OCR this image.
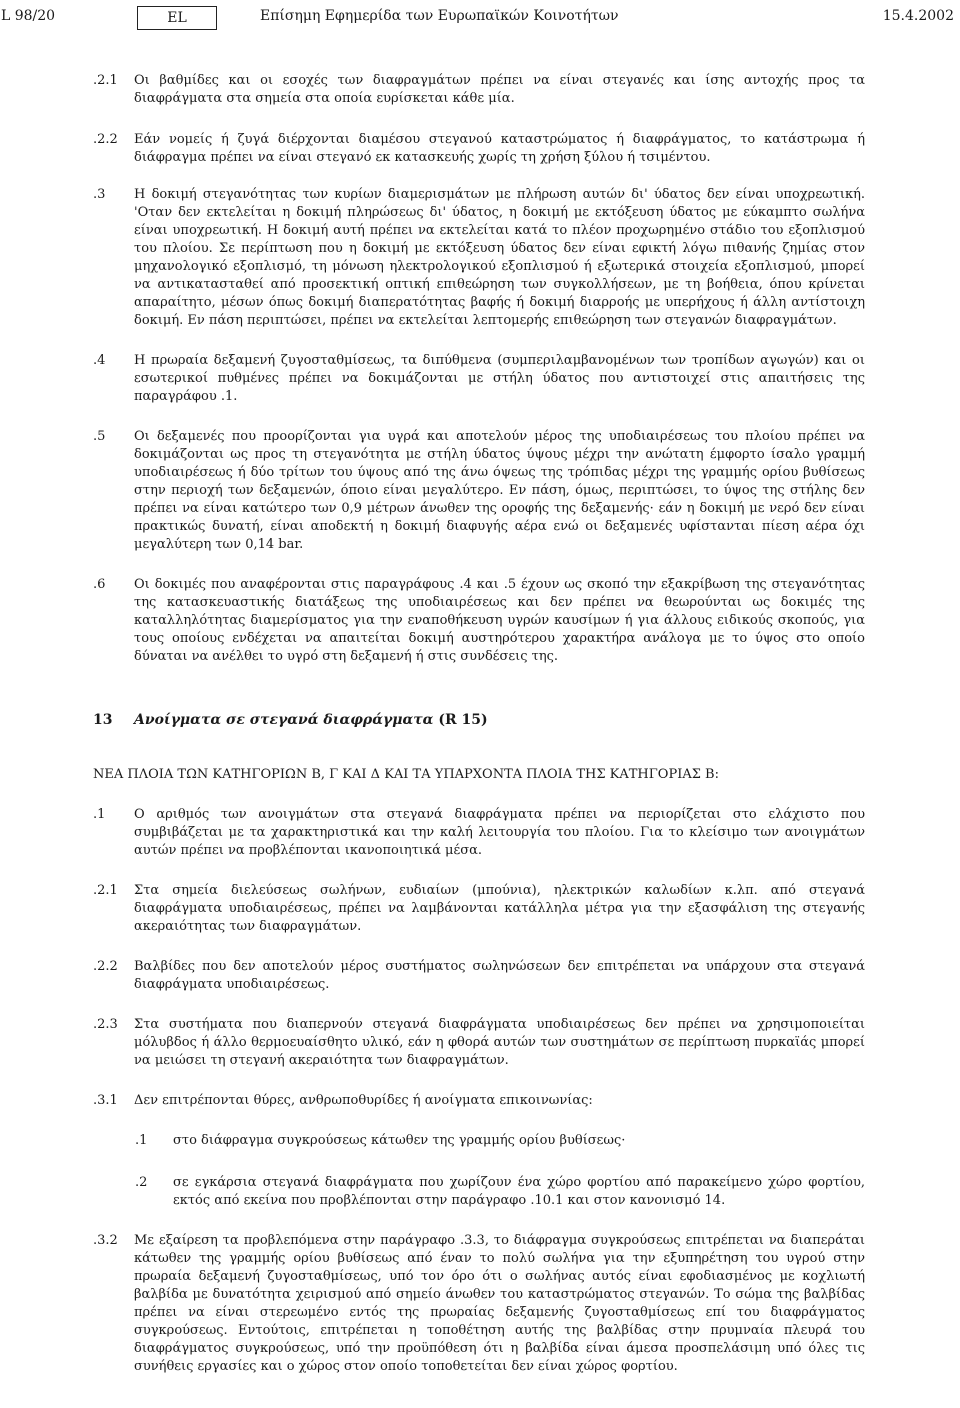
L 98/20	EL	Επίσημη Εφημερίδα των Ευρωπαϊκών Κοινοτήτων	15.4.2002
.2.1 Οι βαθμίδες και οι εσοχές των διαφραγμάτων πρέπει να είναι στεγανές και ίσης αντοχής προς τα διαφράγματα στα σημεία στα οποία ευρίσκεται κάθε μία.
.2.2 Εάν νομείς ή ζυγά διέρχονται διαμέσου στεγανού καταστρώματος ή διαφράγματος, το κατάστρωμα ή διάφραγμα πρέπει να είναι στεγανό εκ κατασκευής χωρίς τη χρήση ξύλου ή τσιμέντου.
.3 Η δοκιμή στεγανότητας των κυρίων διαμερισμάτων με πλήρωση αυτών δι' ύδατος δεν είναι υποχρεωτική. 'Οταν δεν εκτελείται η δοκιμή πληρώσεως δι' ύδατος, η δοκιμή με εκτόξευση ύδατος με εύκαμπτο σωλήνα είναι υποχρεωτική. Η δοκιμή αυτή πρέπει να εκτελείται κατά το πλέον προχωρημένο στάδιο του εξοπλισμού του πλοίου. Σε περίπτωση που η δοκιμή με εκτόξευση ύδατος δεν είναι εφικτή λόγω πιθανής ζημίας στον μηχανολογικό εξοπλισμό, τη μόνωση ηλεκτρολογικού εξοπλισμού ή εξωτερικά στοιχεία εξοπλισμού, μπορεί να αντικατασταθεί από προσεκτική οπτική επιθεώρηση των συγκολλήσεων, με τη βοήθεια, όπου κρίνεται απαραίτητο, μέσων όπως δοκιμή διαπερατότητας βαφής ή δοκιμή διαρροής με υπερήχους ή άλλη αντίστοιχη δοκιμή. Εν πάση περιπτώσει, πρέπει να εκτελείται λεπτομερής επιθεώρηση των στεγανών διαφραγμάτων.
.4 Η πρωραία δεξαμενή ζυγοσταθμίσεως, τα διπύθμενα (συμπεριλαμβανομένων των τροπίδων αγωγών) και οι εσωτερικοί πυθμένες πρέπει να δοκιμάζονται με στήλη ύδατος που αντιστοιχεί στις απαιτήσεις της παραγράφου .1.
.5 Οι δεξαμενές που προορίζονται για υγρά και αποτελούν μέρος της υποδιαιρέσεως του πλοίου πρέπει να δοκιμάζονται ως προς τη στεγανότητα με στήλη ύδατος ύψους μέχρι την ανώτατη έμφορτο ίσαλο γραμμή υποδιαιρέσεως ή δύο τρίτων του ύψους από της άνω όψεως της τρόπιδας μέχρι της γραμμής ορίου βυθίσεως στην περιοχή των δεξαμενών, όποιο είναι μεγαλύτερο. Εν πάση, όμως, περιπτώσει, το ύψος της στήλης δεν πρέπει να είναι κατώτερο των 0,9 μέτρων άνωθεν της οροφής της δεξαμενής· εάν η δοκιμή με νερό δεν είναι πρακτικώς δυνατή, είναι αποδεκτή η δοκιμή διαφυγής αέρα ενώ οι δεξαμενές υφίστανται πίεση αέρα όχι μεγαλύτερη των 0,14 bar.
.6 Οι δοκιμές που αναφέρονται στις παραγράφους .4 και .5 έχουν ως σκοπό την εξακρίβωση της στεγανότητας της κατασκευαστικής διατάξεως της υποδιαιρέσεως και δεν πρέπει να θεωρούνται ως δοκιμές της καταλληλότητας διαμερίσματος για την εναποθήκευση υγρών καυσίμων ή για άλλους ειδικούς σκοπούς, για τους οποίους ενδέχεται να απαιτείται δοκιμή αυστηρότερου χαρακτήρα ανάλογα με το ύψος στο οποίο δύναται να ανέλθει το υγρό στη δεξαμενή ή στις συνδέσεις της.
13 Ανοίγματα σε στεγανά διαφράγματα (R 15)
ΝΕΑ ΠΛΟΙΑ ΤΩΝ ΚΑΤΗΓΟΡΙΩΝ B, Γ ΚΑΙ Δ ΚΑΙ ΤΑ ΥΠΑΡΧΟΝΤΑ ΠΛΟΙΑ ΤΗΣ ΚΑΤΗΓΟΡΙΑΣ B:
.1 Ο αριθμός των ανοιγμάτων στα στεγανά διαφράγματα πρέπει να περιορίζεται στο ελάχιστο που συμβιβάζεται με τα χαρακτηριστικά και την καλή λειτουργία του πλοίου. Για το κλείσιμο των ανοιγμάτων αυτών πρέπει να προβλέπονται ικανοποιητικά μέσα.
.2.1 Στα σημεία διελεύσεως σωλήνων, ευδιαίων (μπούνια), ηλεκτρικών καλωδίων κ.λπ. από στεγανά διαφράγματα υποδιαιρέσεως, πρέπει να λαμβάνονται κατάλληλα μέτρα για την εξασφάλιση της στεγανής ακεραιότητας των διαφραγμάτων.
.2.2 Βαλβίδες που δεν αποτελούν μέρος συστήματος σωληνώσεων δεν επιτρέπεται να υπάρχουν στα στεγανά διαφράγματα υποδιαιρέσεως.
.2.3 Στα συστήματα που διαπερνούν στεγανά διαφράγματα υποδιαιρέσεως δεν πρέπει να χρησιμοποιείται μόλυβδος ή άλλο θερμοευαίσθητο υλικό, εάν η φθορά αυτών των συστημάτων σε περίπτωση πυρκαϊάς μπορεί να μειώσει τη στεγανή ακεραιότητα των διαφραγμάτων.
.3.1 Δεν επιτρέπονται θύρες, ανθρωποθυρίδες ή ανοίγματα επικοινωνίας:
.1 στο διάφραγμα συγκρούσεως κάτωθεν της γραμμής ορίου βυθίσεως·
.2 σε εγκάρσια στεγανά διαφράγματα που χωρίζουν ένα χώρο φορτίου από παρακείμενο χώρο φορτίου, εκτός από εκείνα που προβλέπονται στην παράγραφο .10.1 και στον κανονισμό 14.
.3.2 Με εξαίρεση τα προβλεπόμενα στην παράγραφο .3.3, το διάφραγμα συγκρούσεως επιτρέπεται να διαπεράται κάτωθεν της γραμμής ορίου βυθίσεως από έναν το πολύ σωλήνα για την εξυπηρέτηση του υγρού στην πρωραία δεξαμενή ζυγοσταθμίσεως, υπό τον όρο ότι ο σωλήνας αυτός είναι εφοδιασμένος με κοχλιωτή βαλβίδα με δυνατότητα χειρισμού από σημείο άνωθεν του καταστρώματος στεγανών. Το σώμα της βαλβίδας πρέπει να είναι στερεωμένο εντός της πρωραίας δεξαμενής ζυγοσταθμίσεως επί του διαφράγματος συγκρούσεως. Εντούτοις, επιτρέπεται η τοποθέτηση αυτής της βαλβίδας στην πρυμναία πλευρά του διαφράγματος συγκρούσεως, υπό την προϋπόθεση ότι η βαλβίδα είναι άμεσα προσπελάσιμη υπό όλες τις συνήθεις εργασίες και ο χώρος στον οποίο τοποθετείται δεν είναι χώρος φορτίου.
